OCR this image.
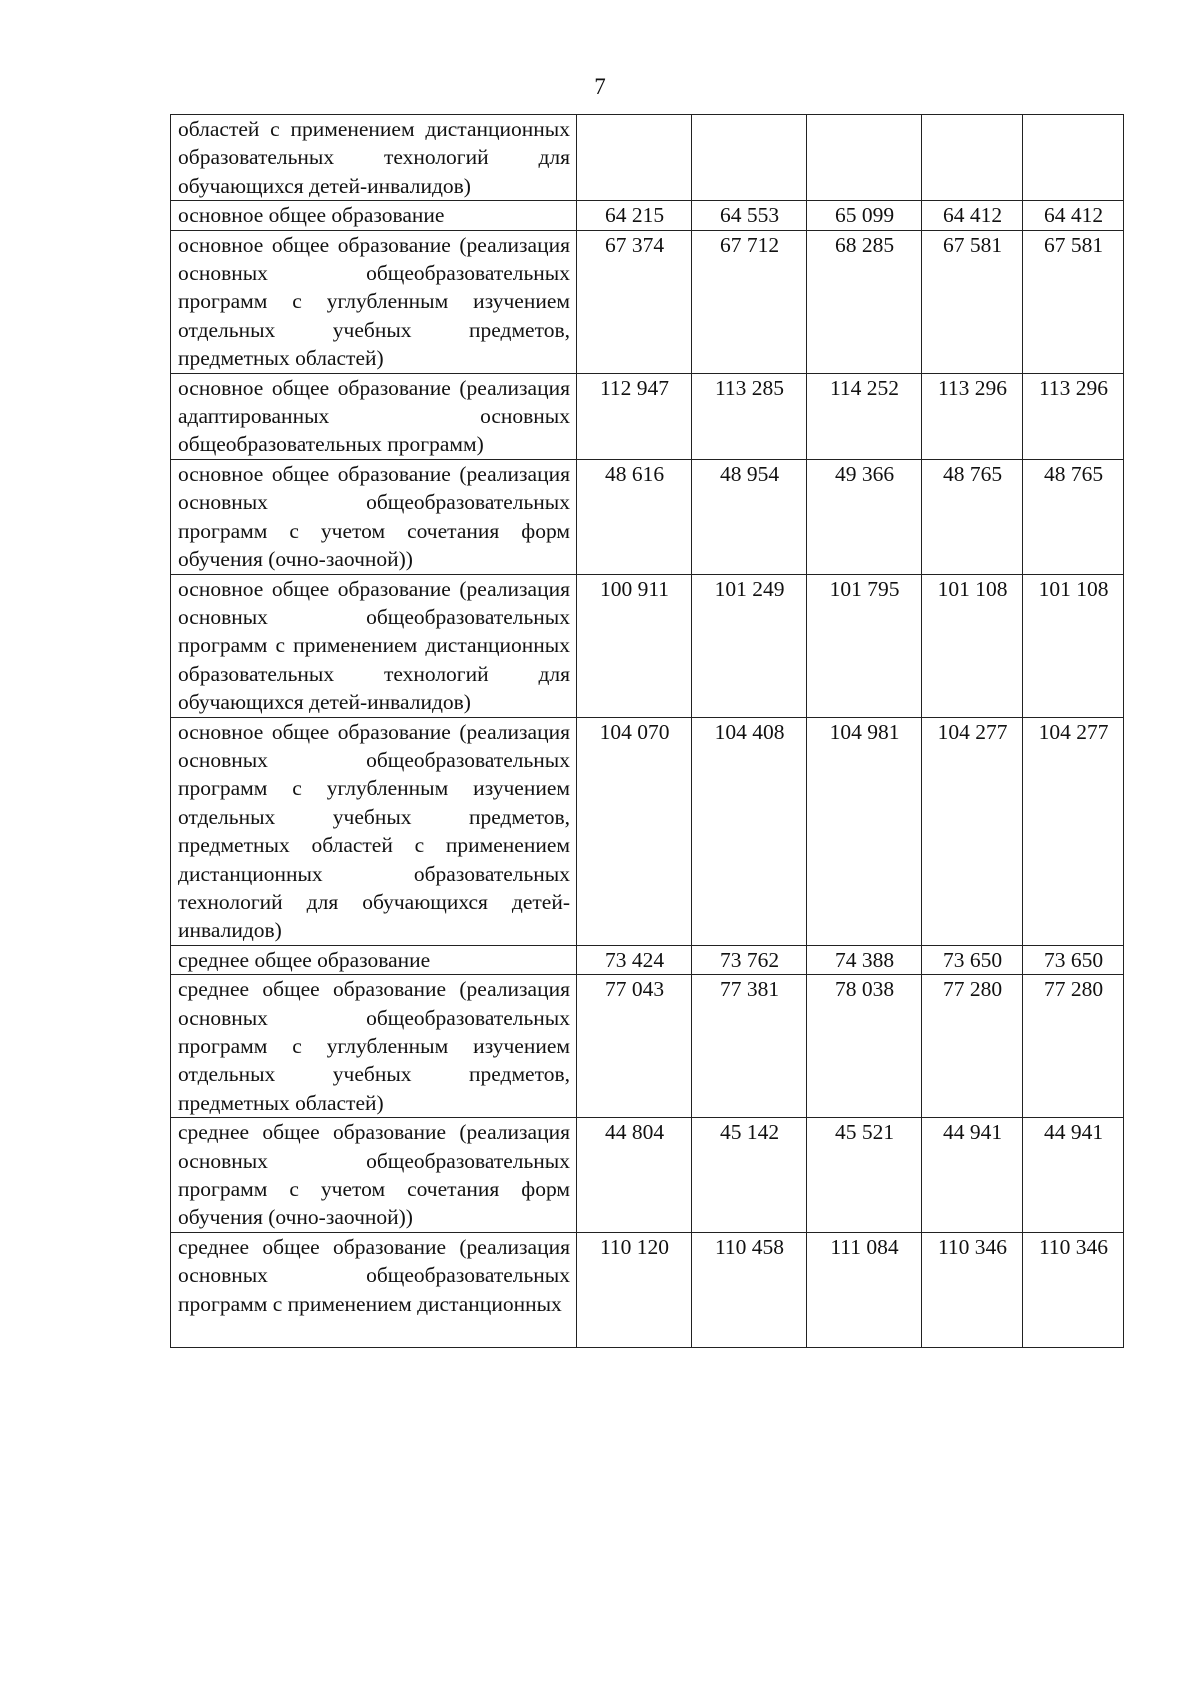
7
областей с применением дистанционных образовательных технологий для обучающихся детей-инвалидов)					
основное общее образование	64 215	64 553	65 099	64 412	64 412
основное общее образование (реализация основных общеобразовательных программ с углубленным изучением отдельных учебных предметов, предметных областей)	67 374	67 712	68 285	67 581	67 581
основное общее образование (реализация адаптированных основных общеобразовательных программ)	112 947	113 285	114 252	113 296	113 296
основное общее образование (реализация основных общеобразовательных программ с учетом сочетания форм обучения (очно-заочной))	48 616	48 954	49 366	48 765	48 765
основное общее образование (реализация основных общеобразовательных программ с применением дистанционных образовательных технологий для обучающихся детей-инвалидов)	100 911	101 249	101 795	101 108	101 108
основное общее образование (реализация основных общеобразовательных программ с углубленным изучением отдельных учебных предметов, предметных областей с применением дистанционных образовательных технологий для обучающихся детей-инвалидов)	104 070	104 408	104 981	104 277	104 277
среднее общее образование	73 424	73 762	74 388	73 650	73 650
среднее общее образование (реализация основных общеобразовательных программ с углубленным изучением отдельных учебных предметов, предметных областей)	77 043	77 381	78 038	77 280	77 280
среднее общее образование (реализация основных общеобразовательных программ с учетом сочетания форм обучения (очно-заочной))	44 804	45 142	45 521	44 941	44 941
среднее общее образование (реализация основных общеобразовательных программ с применением дистанционных	110 120	110 458	111 084	110 346	110 346
